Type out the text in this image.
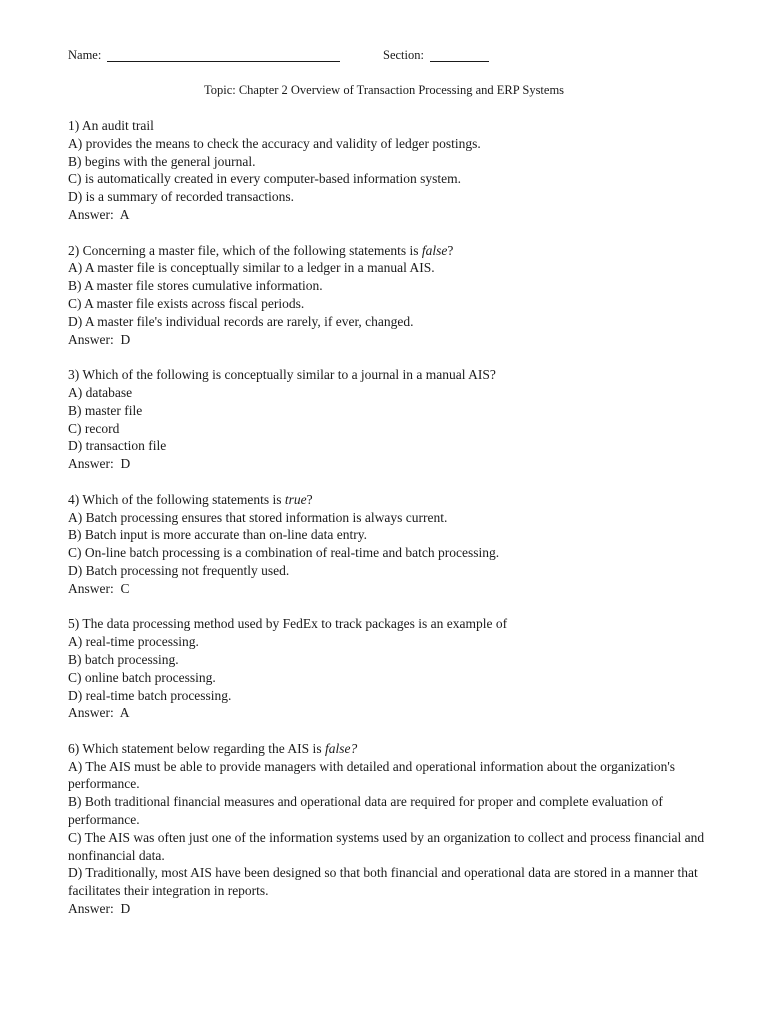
Name:	Section:
Topic: Chapter 2 Overview of Transaction Processing and ERP Systems
1) An audit trail
A) provides the means to check the accuracy and validity of ledger postings.
B) begins with the general journal.
C) is automatically created in every computer-based information system.
D) is a summary of recorded transactions.
Answer:  A
2) Concerning a master file, which of the following statements is false?
A) A master file is conceptually similar to a ledger in a manual AIS.
B) A master file stores cumulative information.
C) A master file exists across fiscal periods.
D) A master file's individual records are rarely, if ever, changed.
Answer:  D
3) Which of the following is conceptually similar to a journal in a manual AIS?
A) database
B) master file
C) record
D) transaction file
Answer:  D
4) Which of the following statements is true?
A) Batch processing ensures that stored information is always current.
B) Batch input is more accurate than on-line data entry.
C) On-line batch processing is a combination of real-time and batch processing.
D) Batch processing not frequently used.
Answer:  C
5) The data processing method used by FedEx to track packages is an example of
A) real-time processing.
B) batch processing.
C) online batch processing.
D) real-time batch processing.
Answer:  A
6) Which statement below regarding the AIS is false?
A) The AIS must be able to provide managers with detailed and operational information about the organization's performance.
B) Both traditional financial measures and operational data are required for proper and complete evaluation of performance.
C) The AIS was often just one of the information systems used by an organization to collect and process financial and nonfinancial data.
D) Traditionally, most AIS have been designed so that both financial and operational data are stored in a manner that facilitates their integration in reports.
Answer:  D
